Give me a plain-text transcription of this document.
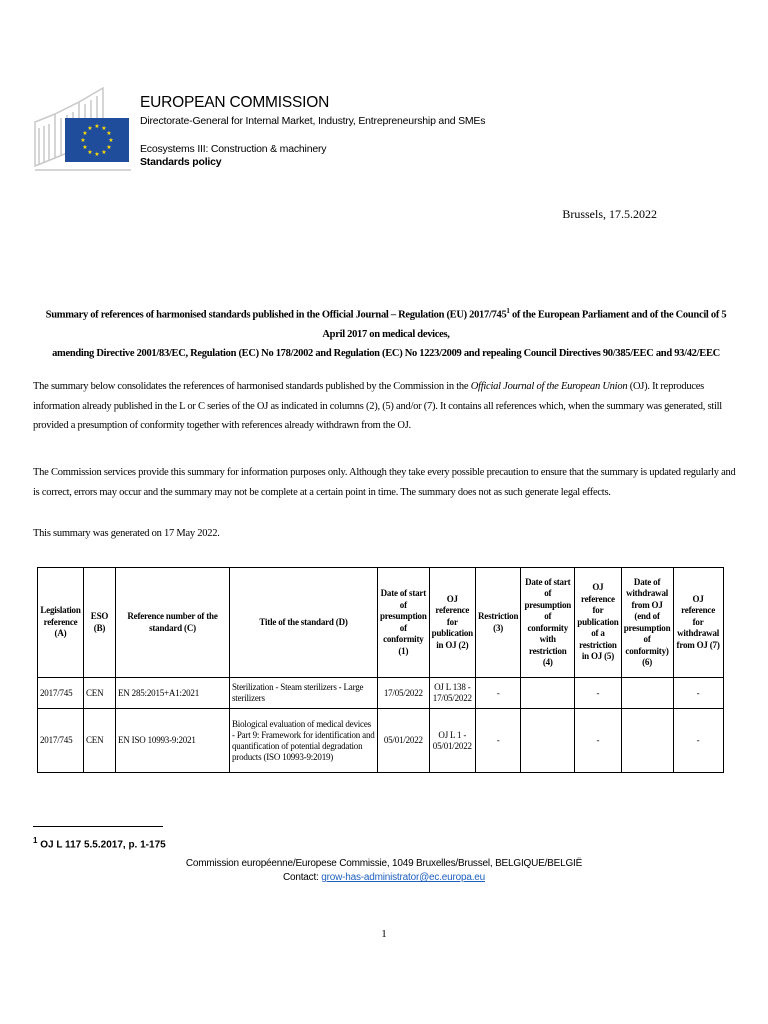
★ ★
★
★
★
★
★
★
★
★
★
★
EUROPEAN COMMISSION
Directorate-General for Internal Market, Industry, Entrepreneurship and SMEs
Ecosystems III: Construction & machinery
Standards policy
Brussels, 17.5.2022
Summary of references of harmonised standards published in the Official Journal – Regulation (EU) $2017/745^1$ of the European Parliament and of the Council of 5 April 2017 on medical devices,
amending Directive 2001/83/EC, Regulation (EC) No 178/2002 and Regulation (EC) No 1223/2009 and repealing Council Directives 90/385/EEC and 93/42/EEC
The summary below consolidates the references of harmonised standards published by the Commission in the Official Journal of the European Union (OJ). It reproduces information already published in the L or C series of the OJ as indicated in columns (2), (5) and/or (7). It contains all references which, when the summary was generated, still provided a presumption of conformity together with references already withdrawn from the OJ.
The Commission services provide this summary for information purposes only. Although they take every possible precaution to ensure that the summary is updated regularly and is correct, errors may occur and the summary may not be complete at a certain point in time. The summary does not as such generate legal effects.
This summary was generated on 17 May 2022.
Legislation reference (A)	ESO (B)	Reference number of the standard (C)	Title of the standard (D)	Date of start of presumption of conformity (1)	OJ reference for publication in OJ (2)	Restriction (3)	Date of start of presumption of conformity with restriction (4)	OJ reference for publication of a restriction in OJ (5)	Date of withdrawal from OJ (end of presumption of conformity) (6)	OJ reference for withdrawal from OJ (7)
2017/745	CEN	EN 285:2015+A1:2021	Sterilization - Steam sterilizers - Large sterilizers	17/05/2022	OJ L 138 - 17/05/2022	-		-		-
2017/745	CEN	EN ISO 10993-9:2021	Biological evaluation of medical devices - Part 9: Framework for identification and quantification of potential degradation products (ISO 10993-9:2019)	05/01/2022	OJ L 1 - 05/01/2022	-		-		-
$^1$ OJ L 117 5.5.2017, p. 1-175
Commission européenne/Europese Commissie, 1049 Bruxelles/Brussel, BELGIQUE/BELGIË
Contact: grow-has-administrator@ec.europa.eu
1
